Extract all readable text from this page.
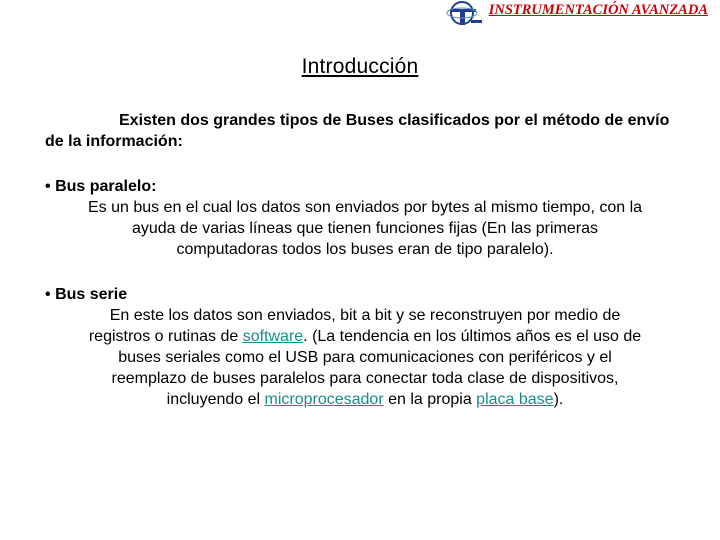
INSTRUMENTACIÓN AVANZADA
Introducción
Existen dos grandes tipos de Buses clasificados por el método de envío de la información:
• Bus paralelo:
Es un bus en el cual los datos son enviados por bytes al mismo tiempo, con la
ayuda de varias líneas que tienen funciones fijas (En las primeras
computadoras todos los buses eran de tipo paralelo).
• Bus serie
En este los datos son enviados, bit a bit y se reconstruyen por medio de
registros o rutinas de software. (La tendencia en los últimos años es el uso de
buses seriales como el USB para comunicaciones con periféricos y el
reemplazo de buses paralelos para conectar toda clase de dispositivos,
incluyendo el microprocesador en la propia placa base).
